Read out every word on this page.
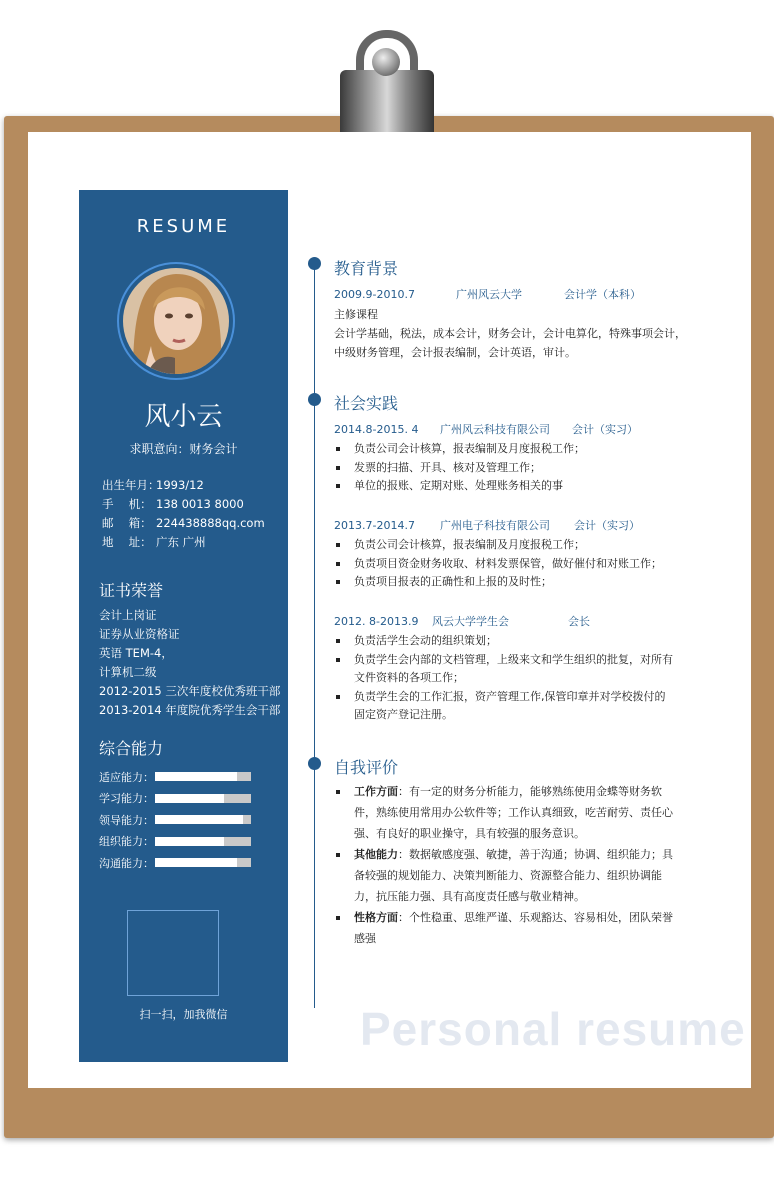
RESUME
风小云
求职意向：财务会计
出生年月：
1993/12
手　 机： 138 0013 8000
邮　 箱： 224438888qq.com
地　 址： 广东 广州
证书荣誉
会计上岗证
证券从业资格证
英语 TEM-4，
计算机二级
2012-2015 三次年度校优秀班干部
2013-2014 年度院优秀学生会干部
综合能力
适应能力：
学习能力：
领导能力：
组织能力：
沟通能力：
扫一扫，加我微信
教育背景
2009.9-2010.7	广州风云大学	会计学（本科）
主修课程
会计学基础，税法，成本会计，财务会计，会计电算化，特殊事项会计，
中级财务管理，会计报表编制，会计英语，审计。
社会实践
2014.8-2015. 4 广州风云科技有限公司 会计（实习）
负责公司会计核算，报表编制及月度报税工作；
发票的扫描、开具、核对及管理工作；
单位的报账、定期对账、处理账务相关的事
2013.7-2014.7 广州电子科技有限公司 会计（实习）
负责公司会计核算，报表编制及月度报税工作；
负责项目资金财务收取、材料发票保管，做好催付和对账工作；
负责项目报表的正确性和上报的及时性；
2012. 8-2013.9 风云大学学生会	会长
负责活学生会动的组织策划；
负责学生会内部的文档管理，上级来文和学生组织的批复，对所有文件资料的各项工作；
负责学生会的工作汇报，资产管理工作,保管印章并对学校拨付的固定资产登记注册。
自我评价
工作方面：有一定的财务分析能力，能够熟练使用金蝶等财务软件，熟练使用常用办公软件等；工作认真细致，吃苦耐劳、责任心强、有良好的职业操守，具有较强的服务意识。
其他能力：数据敏感度强、敏捷，善于沟通；协调、组织能力；具备较强的规划能力、决策判断能力、资源整合能力、组织协调能力，抗压能力强、具有高度责任感与敬业精神。
性格方面：个性稳重、思维严谨、乐观豁达、容易相处，团队荣誉感强
Personal resume
